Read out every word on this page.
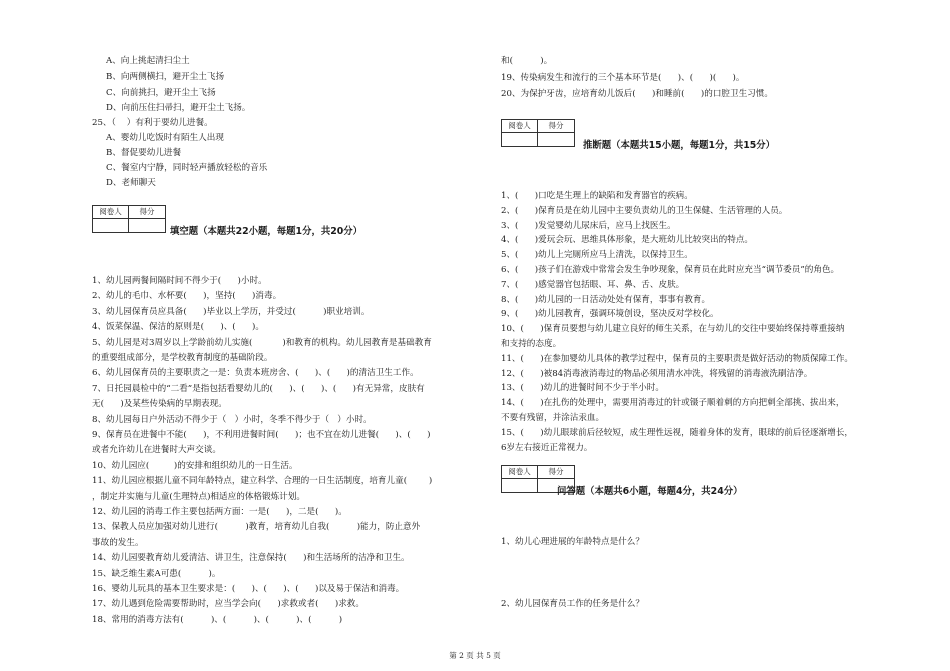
A、向上挑起清扫尘土
B、向两侧横扫，避开尘土飞扬
C、向前挑扫，避开尘土飞扬
D、向前压住扫帚扫，避开尘土飞扬。
25、（    ）有利于要幼儿进餐。
A、婴幼儿吃饭时有陌生人出现
B、督促要幼儿进餐
C、餐室内宁静，同时轻声播放轻松的音乐
D、老师聊天
阅卷人	得分
填空题（本题共22小题，每题1分，共20分）
1、幼儿园两餐间隔时间不得少于(      )小时。
2、幼儿的毛巾、水杯要(      )，坚持(      )消毒。
3、幼儿园保育员应具备(      )毕业以上学历，并受过(          )职业培训。
4、饭菜保温、保洁的原则是(      )、(      )。
5、幼儿园是对3周岁以上学龄前幼儿实施(           )和教育的机构。幼儿园教育是基础教育
的重要组成部分，是学校教育制度的基础阶段。
6、幼儿园保育员的主要职责之一是：负责本班房舍、(      )、(      )的清洁卫生工作。
7、日托园晨检中的“二看”是指包括看婴幼儿的(      )、(      )、(      )有无异常，皮肤有
无(      )及某些传染病的早期表现。
8、幼儿园每日户外活动不得少于（   ）小时，冬季不得少于（   ）小时。
9、保育员在进餐中不能(      )，不利用进餐时间(      )；也不宜在幼儿进餐(      )、(      )
或者允许幼儿在进餐时大声交谈。
10、幼儿园应(         )的安排和组织幼儿的一日生活。
11、幼儿园应根据儿童不同年龄特点，建立科学、合理的一日生活制度，培育儿童(        )
，制定并实施与儿童(生理特点)相适应的体格锻炼计划。
12、幼儿园的消毒工作主要包括两方面：一是(      )，二是(      )。
13、保教人员应加强对幼儿进行(          )教育，培育幼儿自我(          )能力，防止意外
事故的发生。
14、幼儿园要教育幼儿爱清洁、讲卫生，注意保持(      )和生活场所的洁净和卫生。
15、缺乏维生素A可患(          )。
16、婴幼儿玩具的基本卫生要求是：(      )、(      )、(      )以及易于保洁和消毒。
17、幼儿遇到危险需要帮助时，应当学会向(      )求救或者(      )求救。
18、常用的消毒方法有(          )、(          )、(          )、(          )
和(          )。
19、传染病发生和流行的三个基本环节是(      )、(      )(      )。
20、为保护牙齿，应培育幼儿饭后(      )和睡前(      )的口腔卫生习惯。
阅卷人	得分
推断题（本题共15小题，每题1分，共15分）
1、(      )口吃是生理上的缺陷和发育器官的疾病。
2、(      )保育员是在幼儿园中主要负责幼儿的卫生保健、生活管理的人员。
3、(      )发觉婴幼儿尿床后，应马上找医生。
4、(      )爱玩会玩、思维具体形象，是大班幼儿比较突出的特点。
5、(      )幼儿上完厕所应马上清洗，以保持卫生。
6、(      )孩子们在游戏中常常会发生争吵现象，保育员在此时应充当“调节委员”的角色。
7、(      )感觉器官包括眼、耳、鼻、舌、皮肤。
8、(      )幼儿园的一日活动处处有保育，事事有教育。
9、(      )幼儿园教育，强调环境创设，坚决反对学校化。
10、(      )保育员要想与幼儿建立良好的师生关系，在与幼儿的交往中要始终保持尊重接纳
和支持的态度。
11、(      )在参加婴幼儿具体的教学过程中，保育员的主要职责是做好活动的物质保障工作。
12、(      )被84消毒液消毒过的物品必须用清水冲洗，将残留的消毒液洗刷洁净。
13、(      )幼儿的进餐时间不少于半小时。
14、(      )在扎伤的处理中，需要用消毒过的针或镊子顺着刺的方向把刺全部挑、拔出来，
不要有残留，并涂沾汞血。
15、(      )幼儿眼球前后径较短，成生理性远视，随着身体的发育，眼球的前后径逐渐增长，
6岁左右接近正常视力。
阅卷人	得分
问答题（本题共6小题，每题4分，共24分）
1、幼儿心理进展的年龄特点是什么？
2、幼儿园保育员工作的任务是什么？
第 2 页 共 5 页
